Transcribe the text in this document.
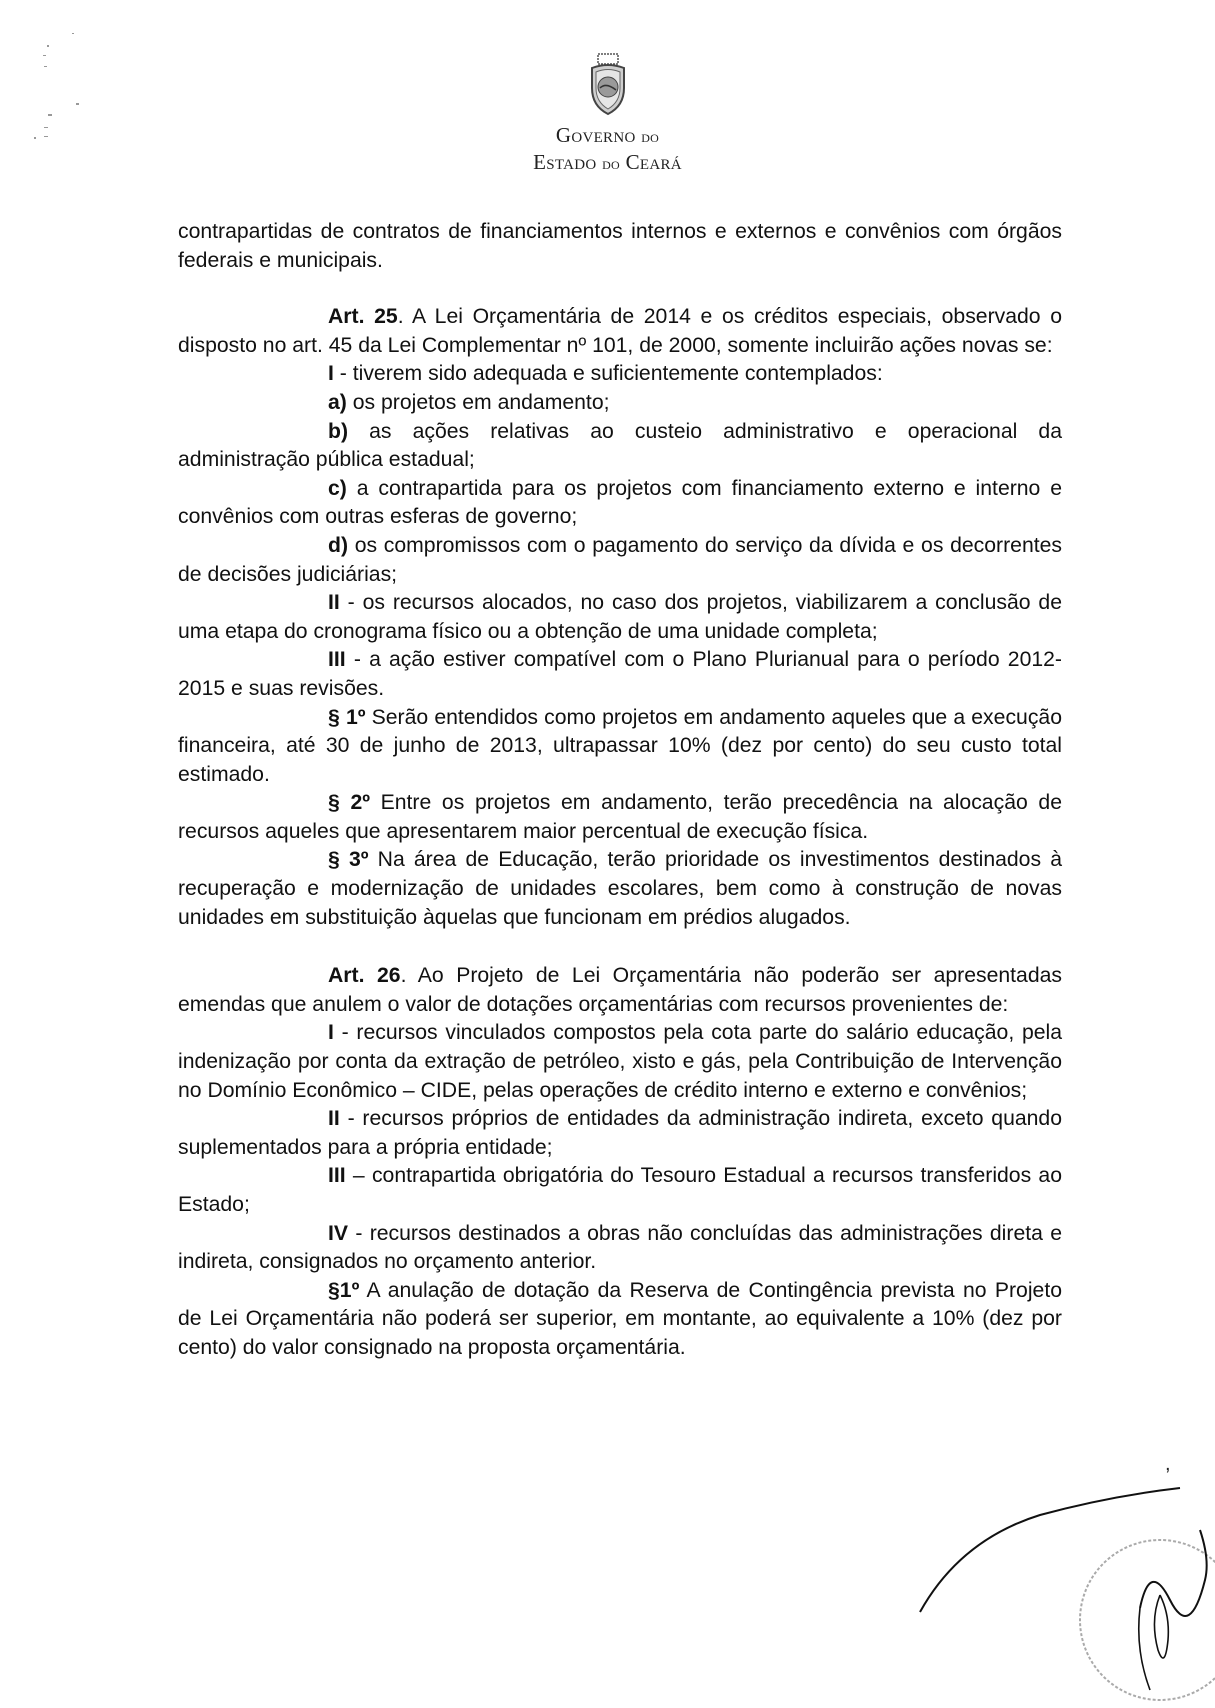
GOVERNO DO
ESTADO DO CEARÁ

contrapartidas de contratos de financiamentos internos e externos e convênios com órgãos federais e municipais.

Art. 25. A Lei Orçamentária de 2014 e os créditos especiais, observado o disposto no art. 45 da Lei Complementar nº 101, de 2000, somente incluirão ações novas se:

I - tiverem sido adequada e suficientemente contemplados:

a) os projetos em andamento;

b) as ações relativas ao custeio administrativo e operacional da administração pública estadual;

c) a contrapartida para os projetos com financiamento externo e interno e convênios com outras esferas de governo;

d) os compromissos com o pagamento do serviço da dívida e os decorrentes de decisões judiciárias;

II - os recursos alocados, no caso dos projetos, viabilizarem a conclusão de uma etapa do cronograma físico ou a obtenção de uma unidade completa;

III - a ação estiver compatível com o Plano Plurianual para o período 2012-2015 e suas revisões.

§ 1º Serão entendidos como projetos em andamento aqueles que a execução financeira, até 30 de junho de 2013, ultrapassar 10% (dez por cento) do seu custo total estimado.

§ 2º Entre os projetos em andamento, terão precedência na alocação de recursos aqueles que apresentarem maior percentual de execução física.

§ 3º Na área de Educação, terão prioridade os investimentos destinados à recuperação e modernização de unidades escolares, bem como à construção de novas unidades em substituição àquelas que funcionam em prédios alugados.

Art. 26. Ao Projeto de Lei Orçamentária não poderão ser apresentadas emendas que anulem o valor de dotações orçamentárias com recursos provenientes de:

I - recursos vinculados compostos pela cota parte do salário educação, pela indenização por conta da extração de petróleo, xisto e gás, pela Contribuição de Intervenção no Domínio Econômico – CIDE, pelas operações de crédito interno e externo e convênios;

II - recursos próprios de entidades da administração indireta, exceto quando suplementados para a própria entidade;

III – contrapartida obrigatória do Tesouro Estadual a recursos transferidos ao Estado;

IV - recursos destinados a obras não concluídas das administrações direta e indireta, consignados no orçamento anterior.

§1º A anulação de dotação da Reserva de Contingência prevista no Projeto de Lei Orçamentária não poderá ser superior, em montante, ao equivalente a 10% (dez por cento) do valor consignado na proposta orçamentária.

,
